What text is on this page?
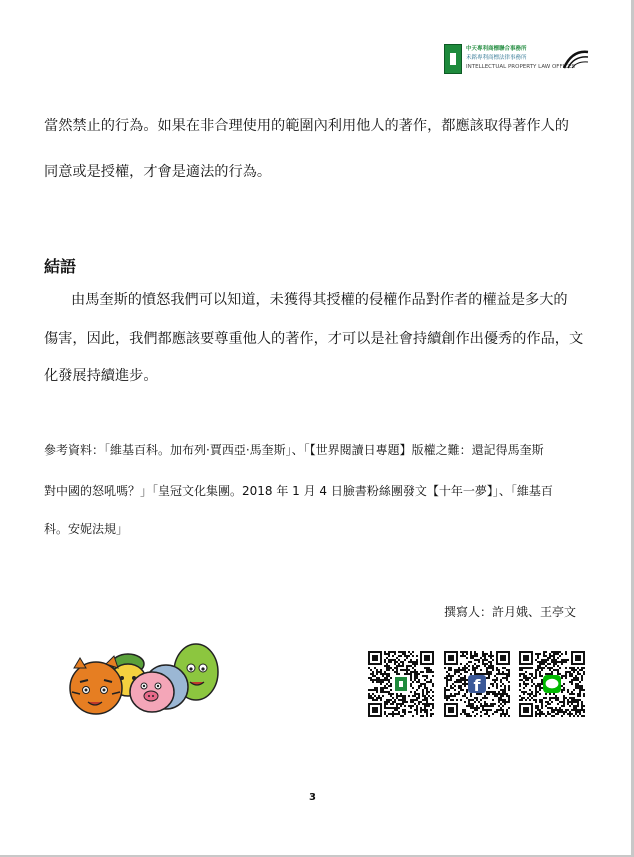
中天專利商標聯合事務所
禾銘專利商標法律事務所
INTELLECTUAL PROPERTY LAW OFFICES
當然禁止的行為。如果在非合理使用的範圍內利用他人的著作，都應該取得著作人的
同意或是授權，才會是適法的行為。
結語
由馬奎斯的憤怒我們可以知道，未獲得其授權的侵權作品對作者的權益是多大的
傷害，因此，我們都應該要尊重他人的著作，才可以是社會持續創作出優秀的作品，文
化發展持續進步。
參考資料：「維基百科。加布列·賈西亞·馬奎斯」、「【世界閱讀日專題】版權之難：還記得馬奎斯
對中國的怒吼嗎？」「皇冠文化集團。2018 年 1 月 4 日臉書粉絲團發文【十年一夢】」、「維基百
科。安妮法規」
撰寫人：許月娥、王亭文
f
3
